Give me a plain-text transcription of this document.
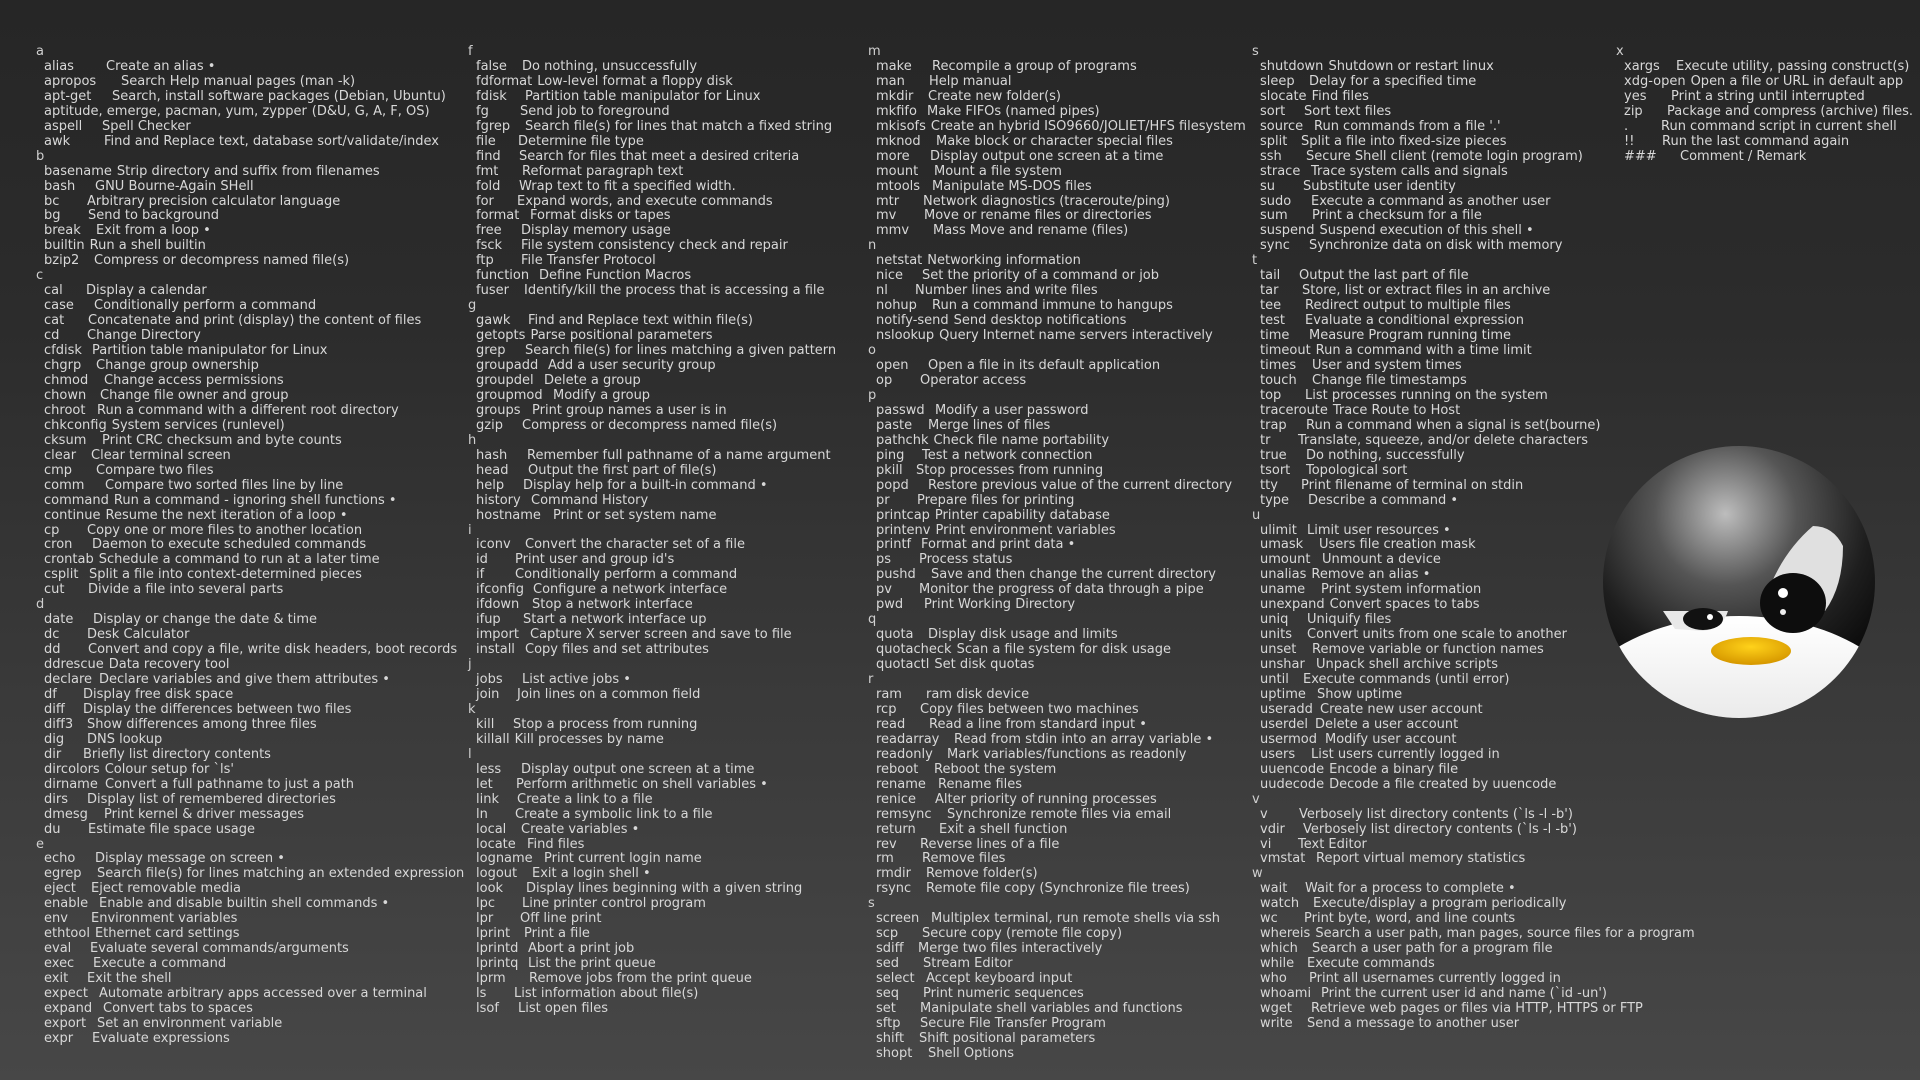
a
alias Create an alias •
apropos Search Help manual pages (man -k)
apt-get Search, install software packages (Debian, Ubuntu)
aptitude, emerge, pacman, yum, zypper (D&U, G, A, F, OS)
aspell Spell Checker
awk	Find and Replace text, database sort/validate/index
b
basename Strip directory and suffix from filenames
bash GNU Bourne-Again SHell
bc Arbitrary precision calculator language
bg Send to background
break Exit from a loop •
builtin Run a shell builtin
bzip2 Compress or decompress named file(s)
c
cal Display a calendar
case Conditionally perform a command
cat Concatenate and print (display) the content of files
cd Change Directory
cfdisk Partition table manipulator for Linux
chgrp Change group ownership
chmod Change access permissions
chown Change file owner and group
chroot Run a command with a different root directory
chkconfig System services (runlevel)
cksum Print CRC checksum and byte counts
clear Clear terminal screen
cmp Compare two files
comm Compare two sorted files line by line
command Run a command - ignoring shell functions •
continue Resume the next iteration of a loop •
cp Copy one or more files to another location
cron Daemon to execute scheduled commands
crontab Schedule a command to run at a later time
csplit Split a file into context-determined pieces
cut Divide a file into several parts
d
date Display or change the date & time
dc Desk Calculator
dd Convert and copy a file, write disk headers, boot records
ddrescue Data recovery tool
declare Declare variables and give them attributes •
df Display free disk space
diff Display the differences between two files
diff3 Show differences among three files
dig DNS lookup
dir Briefly list directory contents
dircolors Colour setup for `ls'
dirname Convert a full pathname to just a path
dirs Display list of remembered directories
dmesg Print kernel & driver messages
du Estimate file space usage
e
echo Display message on screen •
egrep Search file(s) for lines matching an extended expression
eject Eject removable media
enable Enable and disable builtin shell commands •
env Environment variables
ethtool Ethernet card settings
eval Evaluate several commands/arguments
exec Execute a command
exit Exit the shell
expect Automate arbitrary apps accessed over a terminal
expand Convert tabs to spaces
export Set an environment variable
expr Evaluate expressions
f
false Do nothing, unsuccessfully
fdformat Low-level format a floppy disk
fdisk Partition table manipulator for Linux
fg Send job to foreground
fgrep Search file(s) for lines that match a fixed string
file Determine file type
find Search for files that meet a desired criteria
fmt Reformat paragraph text
fold Wrap text to fit a specified width.
for Expand words, and execute commands
format Format disks or tapes
free Display memory usage
fsck File system consistency check and repair
ftp File Transfer Protocol
function Define Function Macros
fuser Identify/kill the process that is accessing a file
g
gawk Find and Replace text within file(s)
getopts Parse positional parameters
grep Search file(s) for lines matching a given pattern
groupadd Add a user security group
groupdel Delete a group
groupmod Modify a group
groups Print group names a user is in
gzip Compress or decompress named file(s)
h
hash Remember full pathname of a name argument
head Output the first part of file(s)
help Display help for a built-in command •
history Command History
hostname Print or set system name
i
iconv Convert the character set of a file
id Print user and group id's
if Conditionally perform a command
ifconfig Configure a network interface
ifdown Stop a network interface
ifup Start a network interface up
import Capture X server screen and save to file
install Copy files and set attributes
j
jobs List active jobs •
join Join lines on a common field
k
kill Stop a process from running
killall Kill processes by name
l
less Display output one screen at a time
let Perform arithmetic on shell variables •
link Create a link to a file
ln Create a symbolic link to a file
local Create variables •
locate Find files
logname Print current login name
logout Exit a login shell •
look Display lines beginning with a given string
lpc Line printer control program
lpr Off line print
lprint Print a file
lprintd Abort a print job
lprintq List the print queue
lprm Remove jobs from the print queue
ls List information about file(s)
lsof List open files
m
make Recompile a group of programs
man Help manual
mkdir Create new folder(s)
mkfifo Make FIFOs (named pipes)
mkisofs Create an hybrid ISO9660/JOLIET/HFS filesystem
mknod Make block or character special files
more Display output one screen at a time
mount Mount a file system
mtools Manipulate MS-DOS files
mtr Network diagnostics (traceroute/ping)
mv Move or rename files or directories
mmv Mass Move and rename (files)
n
netstat Networking information
nice Set the priority of a command or job
nl Number lines and write files
nohup Run a command immune to hangups
notify-send Send desktop notifications
nslookup Query Internet name servers interactively
o
open Open a file in its default application
op Operator access
p
passwd Modify a user password
paste Merge lines of files
pathchk Check file name portability
ping Test a network connection
pkill Stop processes from running
popd Restore previous value of the current directory
pr Prepare files for printing
printcap Printer capability database
printenv Print environment variables
printf Format and print data •
ps Process status
pushd Save and then change the current directory
pv Monitor the progress of data through a pipe
pwd Print Working Directory
q
quota Display disk usage and limits
quotacheck Scan a file system for disk usage
quotactl Set disk quotas
r
ram ram disk device
rcp Copy files between two machines
read Read a line from standard input •
readarray Read from stdin into an array variable •
readonly Mark variables/functions as readonly
reboot Reboot the system
rename Rename files
renice Alter priority of running processes
remsync Synchronize remote files via email
return Exit a shell function
rev Reverse lines of a file
rm Remove files
rmdir Remove folder(s)
rsync Remote file copy (Synchronize file trees)
s
screen Multiplex terminal, run remote shells via ssh
scp Secure copy (remote file copy)
sdiff Merge two files interactively
sed Stream Editor
select Accept keyboard input
seq Print numeric sequences
set Manipulate shell variables and functions
sftp Secure File Transfer Program
shift Shift positional parameters
shopt Shell Options
s
shutdown Shutdown or restart linux
sleep Delay for a specified time
slocate Find files
sort Sort text files
source Run commands from a file '.'
split Split a file into fixed-size pieces
ssh Secure Shell client (remote login program)
strace Trace system calls and signals
su Substitute user identity
sudo Execute a command as another user
sum Print a checksum for a file
suspend Suspend execution of this shell •
sync Synchronize data on disk with memory
t
tail Output the last part of file
tar Store, list or extract files in an archive
tee Redirect output to multiple files
test Evaluate a conditional expression
time Measure Program running time
timeout Run a command with a time limit
times User and system times
touch Change file timestamps
top List processes running on the system
traceroute Trace Route to Host
trap Run a command when a signal is set(bourne)
tr Translate, squeeze, and/or delete characters
true Do nothing, successfully
tsort Topological sort
tty Print filename of terminal on stdin
type Describe a command •
u
ulimit Limit user resources •
umask Users file creation mask
umount Unmount a device
unalias Remove an alias •
uname Print system information
unexpand Convert spaces to tabs
uniq Uniquify files
units Convert units from one scale to another
unset Remove variable or function names
unshar Unpack shell archive scripts
until Execute commands (until error)
uptime Show uptime
useradd Create new user account
userdel Delete a user account
usermod Modify user account
users List users currently logged in
uuencode Encode a binary file
uudecode Decode a file created by uuencode
v
v Verbosely list directory contents (`ls -l -b')
vdir Verbosely list directory contents (`ls -l -b')
vi Text Editor
vmstat Report virtual memory statistics
w
wait Wait for a process to complete •
watch Execute/display a program periodically
wc Print byte, word, and line counts
whereis Search a user path, man pages, source files for a program
which Search a user path for a program file
while Execute commands
who Print all usernames currently logged in
whoami Print the current user id and name (`id -un')
wget Retrieve web pages or files via HTTP, HTTPS or FTP
write Send a message to another user
x
xargs Execute utility, passing construct(s)
xdg-open Open a file or URL in default app
yes Print a string until interrupted
zip Package and compress (archive) files.
.	Run command script in current shell
!! Run the last command again
### Comment / Remark
